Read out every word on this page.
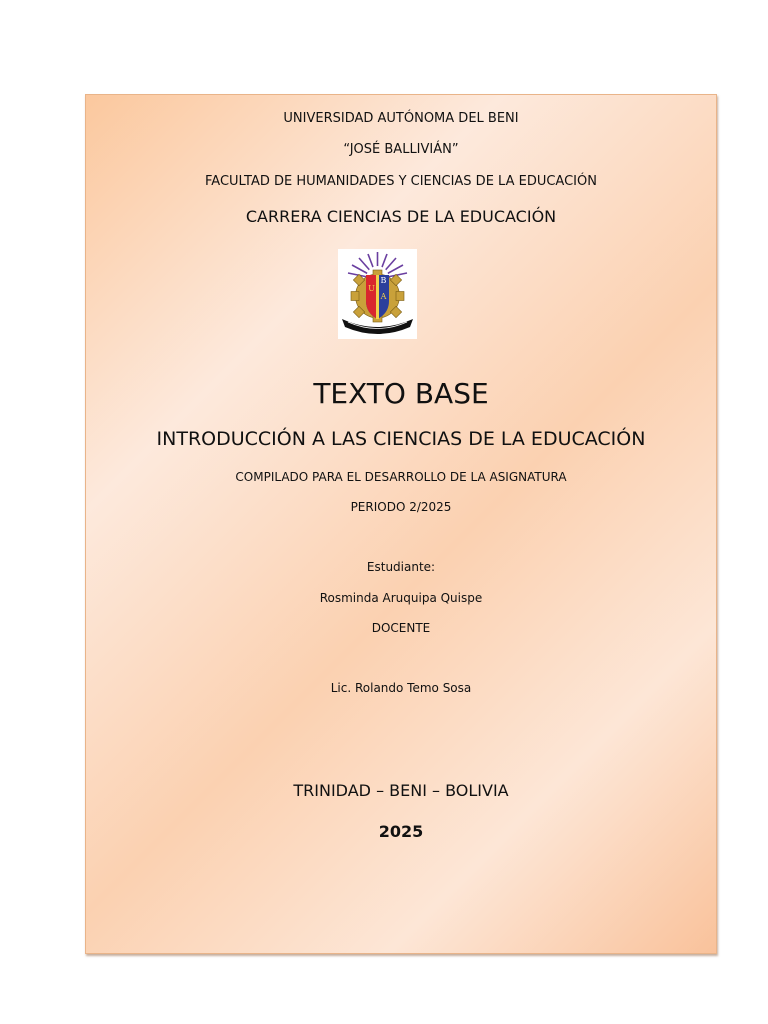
UNIVERSIDAD AUTÓNOMA DEL BENI
“JOSÉ BALLIVIÁN”
FACULTAD DE HUMANIDADES Y CIENCIAS DE LA EDUCACIÓN
CARRERA CIENCIAS DE LA EDUCACIÓN
U
B
A
TEXTO BASE
INTRODUCCIÓN A LAS CIENCIAS DE LA EDUCACIÓN
COMPILADO PARA EL DESARROLLO DE LA ASIGNATURA
PERIODO 2/2025
Estudiante:
Rosminda Aruquipa Quispe
DOCENTE
Lic. Rolando Temo Sosa
TRINIDAD – BENI – BOLIVIA
2025
